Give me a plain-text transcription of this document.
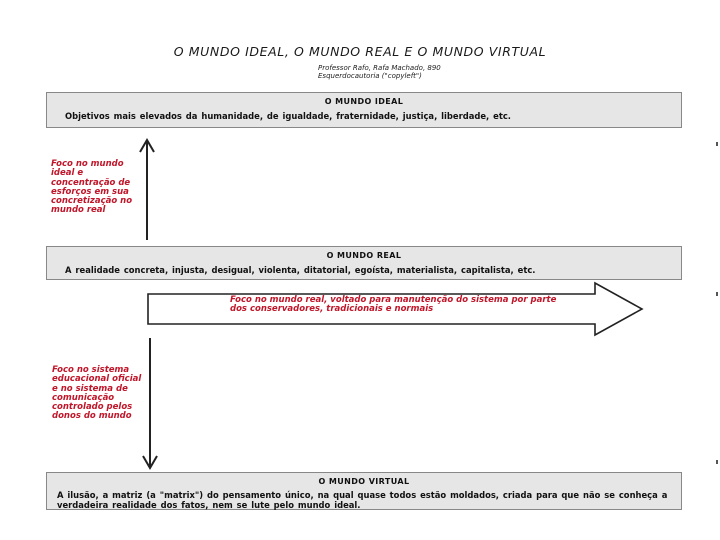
O MUNDO IDEAL, O MUNDO REAL E O MUNDO VIRTUAL
Professor Rafo, Rafa Machado, 890
Esquerdocautoria ("copyleft")
O MUNDO IDEAL
Objetivos mais elevados da humanidade, de igualdade, fraternidade, justiça, liberdade, etc.
O MUNDO REAL
A realidade concreta, injusta, desigual, violenta, ditatorial, egoísta, materialista, capitalista, etc.
O MUNDO VIRTUAL
A ilusão, a matriz (a "matrix") do pensamento único, na qual quase todos estão moldados, criada para que não se conheça a verdadeira realidade dos fatos, nem se lute pelo mundo ideal.
Foco no mundo ideal e concentração de esforços em sua concretização no mundo real
Foco no mundo real, voltado para manutenção do sistema por parte dos conservadores, tradicionais e normais
Foco no sistema educacional oficial e no sistema de comunicação controlado pelos donos do mundo
